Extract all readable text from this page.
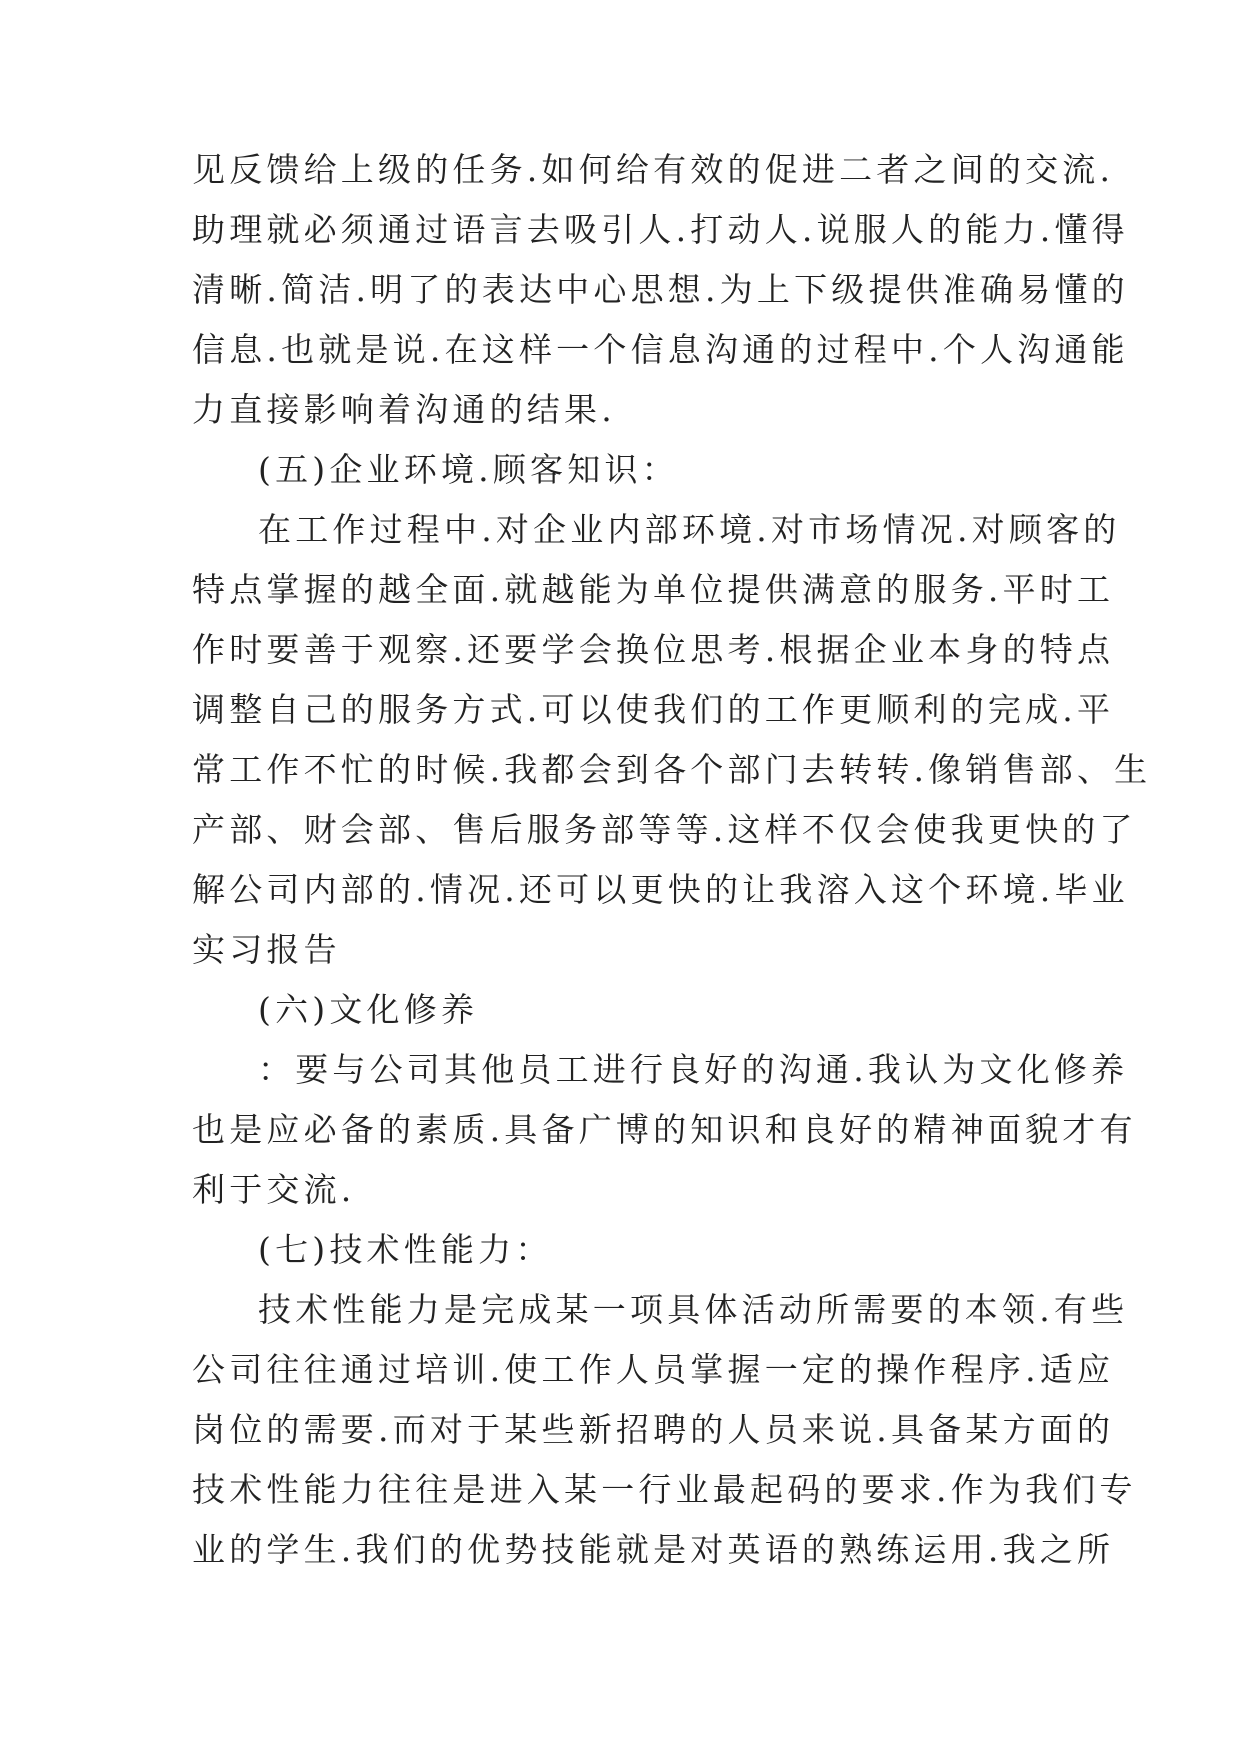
见反馈给上级的任务.如何给有效的促进二者之间的交流.
助理就必须通过语言去吸引人.打动人.说服人的能力.懂得
清晰.简洁.明了的表达中心思想.为上下级提供准确易懂的
信息.也就是说.在这样一个信息沟通的过程中.个人沟通能
力直接影响着沟通的结果.
(五)企业环境.顾客知识：
在工作过程中.对企业内部环境.对市场情况.对顾客的
特点掌握的越全面.就越能为单位提供满意的服务.平时工
作时要善于观察.还要学会换位思考.根据企业本身的特点
调整自己的服务方式.可以使我们的工作更顺利的完成.平
常工作不忙的时候.我都会到各个部门去转转.像销售部、生
产部、财会部、售后服务部等等.这样不仅会使我更快的了
解公司内部的.情况.还可以更快的让我溶入这个环境.毕业
实习报告
(六)文化修养
：要与公司其他员工进行良好的沟通.我认为文化修养
也是应必备的素质.具备广博的知识和良好的精神面貌才有
利于交流.
(七)技术性能力：
技术性能力是完成某一项具体活动所需要的本领.有些
公司往往通过培训.使工作人员掌握一定的操作程序.适应
岗位的需要.而对于某些新招聘的人员来说.具备某方面的
技术性能力往往是进入某一行业最起码的要求.作为我们专
业的学生.我们的优势技能就是对英语的熟练运用.我之所
